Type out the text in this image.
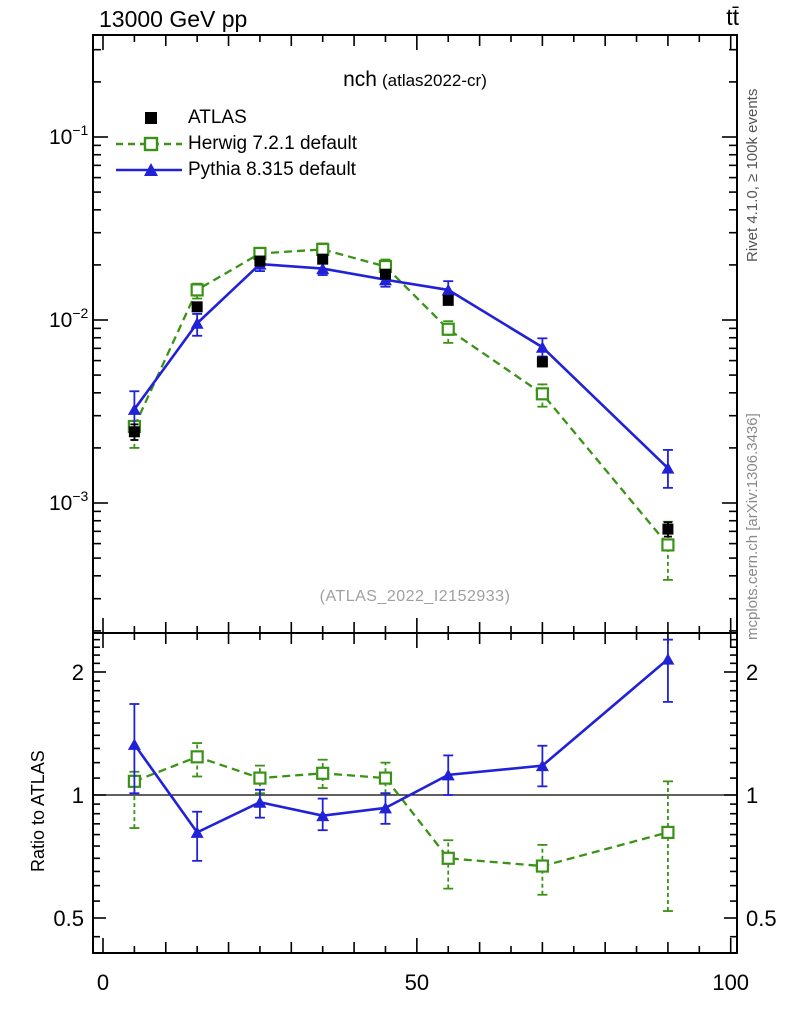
0	50	100
$10^{-1}$
$10^{-2}$
$10^{-3}$
2	2
1	1
0.5	0.5
13000 GeV pp	tt̄
nch (atlas2022-cr)
ATLAS
Herwig 7.2.1 default
Pythia 8.315 default
(ATLAS_2022_I2152933)
Rivet 4.1.0, ≥ 100k events
mcplots.cern.ch [arXiv:1306.3436]
Ratio to ATLAS
